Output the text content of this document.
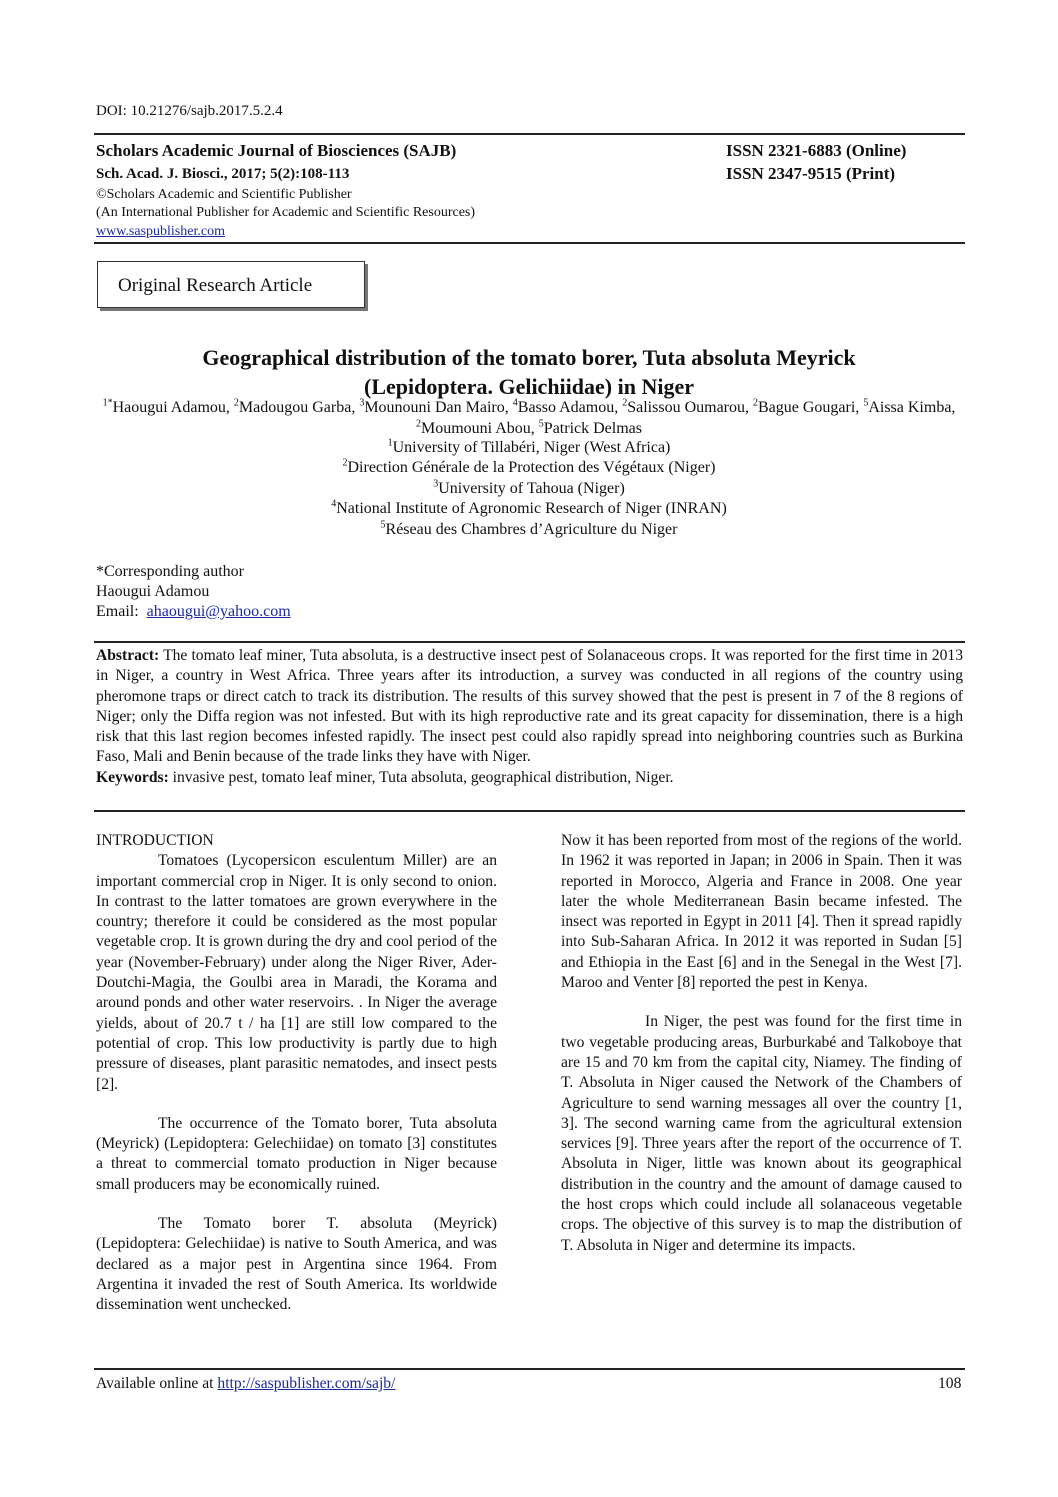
DOI: 10.21276/sajb.2017.5.2.4
Scholars Academic Journal of Biosciences (SAJB)	ISSN 2321-6883 (Online)
Sch. Acad. J. Biosci., 2017; 5(2):108-113	ISSN 2347-9515 (Print)
©Scholars Academic and Scientific Publisher
(An International Publisher for Academic and Scientific Resources)
www.saspublisher.com
Original Research Article
Geographical distribution of the tomato borer, Tuta absoluta Meyrick
(Lepidoptera. Gelichiidae) in Niger
$^{1*}$Haougui Adamou, $^2$Madougou Garba, $^3$Mounouni Dan Mairo, $^4$Basso Adamou, $^2$Salissou Oumarou, $^2$Bague Gougari, $^5$Aissa Kimba, $^2$Moumouni Abou, $^5$Patrick Delmas
$^1$University of Tillabéri, Niger (West Africa)
$^2$Direction Générale de la Protection des Végétaux (Niger)
$^3$University of Tahoua (Niger)
$^4$National Institute of Agronomic Research of Niger (INRAN)
$^5$Réseau des Chambres d’Agriculture du Niger
*Corresponding author
Haougui Adamou
Email: ahaougui@yahoo.com
Abstract: The tomato leaf miner, Tuta absoluta, is a destructive insect pest of Solanaceous crops. It was reported for the first time in 2013 in Niger, a country in West Africa. Three years after its introduction, a survey was conducted in all regions of the country using pheromone traps or direct catch to track its distribution. The results of this survey showed that the pest is present in 7 of the 8 regions of Niger; only the Diffa region was not infested. But with its high reproductive rate and its great capacity for dissemination, there is a high risk that this last region becomes infested rapidly. The insect pest could also rapidly spread into neighboring countries such as Burkina Faso, Mali and Benin because of the trade links they have with Niger.
Keywords: invasive pest, tomato leaf miner, Tuta absoluta, geographical distribution, Niger.
INTRODUCTION

Tomatoes (Lycopersicon esculentum Miller) are an important commercial crop in Niger. It is only second to onion. In contrast to the latter tomatoes are grown everywhere in the country; therefore it could be considered as the most popular vegetable crop. It is grown during the dry and cool period of the year (November-February) under along the Niger River, Ader-Doutchi-Magia, the Goulbi area in Maradi, the Korama and around ponds and other water reservoirs. . In Niger the average yields, about of 20.7 t / ha [1] are still low compared to the potential of crop. This low productivity is partly due to high pressure of diseases, plant parasitic nematodes, and insect pests [2].

The occurrence of the Tomato borer, Tuta absoluta (Meyrick) (Lepidoptera: Gelechiidae) on tomato [3] constitutes a threat to commercial tomato production in Niger because small producers may be economically ruined.

The Tomato borer T. absoluta (Meyrick) (Lepidoptera: Gelechiidae) is native to South America, and was declared as a major pest in Argentina since 1964. From Argentina it invaded the rest of South America. Its worldwide dissemination went unchecked.

Now it has been reported from most of the regions of the world. In 1962 it was reported in Japan; in 2006 in Spain. Then it was reported in Morocco, Algeria and France in 2008. One year later the whole Mediterranean Basin became infested. The insect was reported in Egypt in 2011 [4]. Then it spread rapidly into Sub-Saharan Africa. In 2012 it was reported in Sudan [5] and Ethiopia in the East [6] and in the Senegal in the West [7]. Maroo and Venter [8] reported the pest in Kenya.

In Niger, the pest was found for the first time in two vegetable producing areas, Burburkabé and Talkoboye that are 15 and 70 km from the capital city, Niamey. The finding of T. Absoluta in Niger caused the Network of the Chambers of Agriculture to send warning messages all over the country [1, 3]. The second warning came from the agricultural extension services [9]. Three years after the report of the occurrence of T. Absoluta in Niger, little was known about its geographical distribution in the country and the amount of damage caused to the host crops which could include all solanaceous vegetable crops. The objective of this survey is to map the distribution of T. Absoluta in Niger and determine its impacts.

Available online at http://saspublisher.com/sajb/	108
